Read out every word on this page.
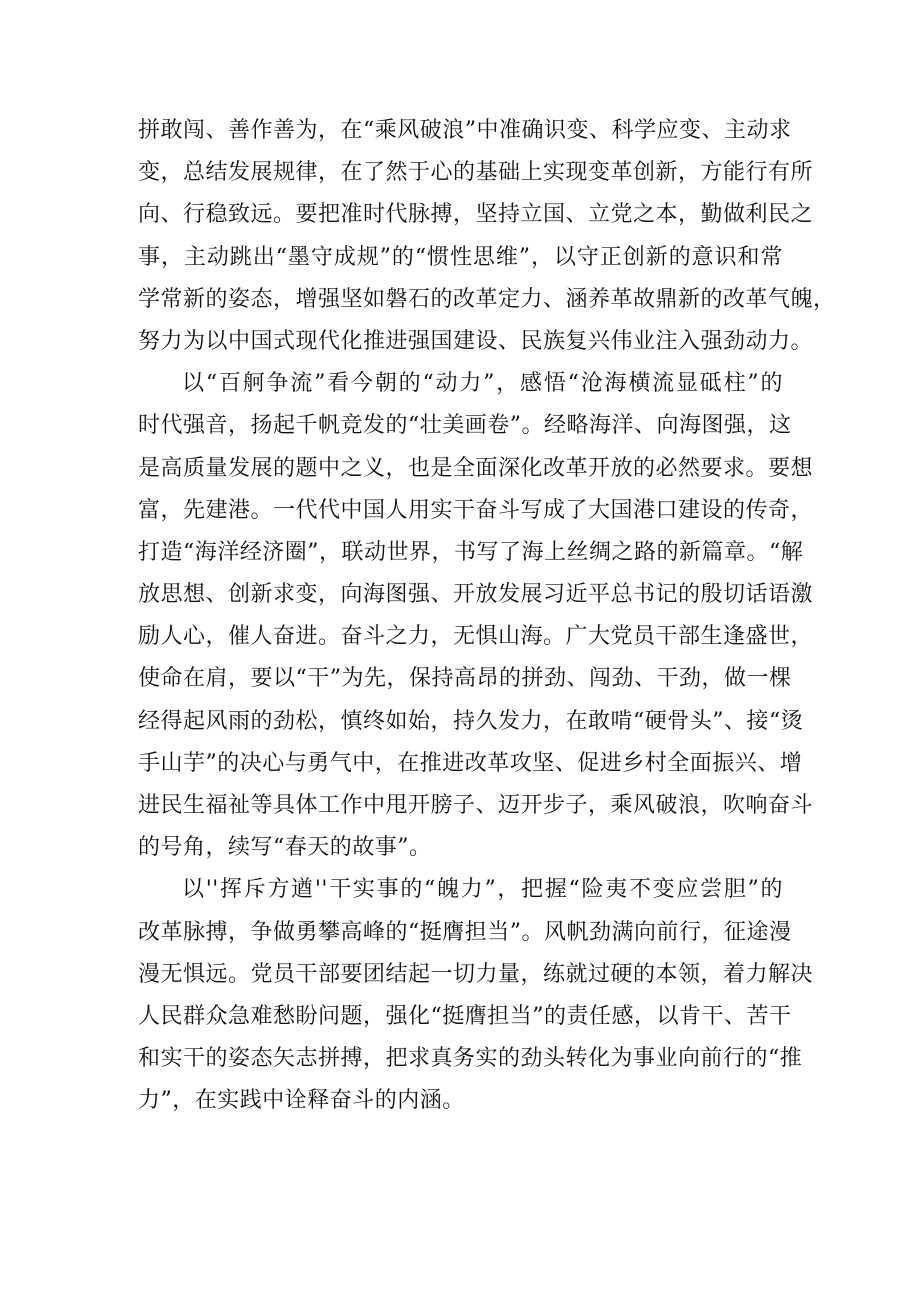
拼敢闯、善作善为，在“乘风破浪”中准确识变、科学应变、主动求
变，总结发展规律，在了然于心的基础上实现变革创新，方能行有所
向、行稳致远。要把准时代脉搏，坚持立国、立党之本，勤做利民之
事，主动跳出“墨守成规”的“惯性思维”，以守正创新的意识和常
学常新的姿态，增强坚如磐石的改革定力、涵养革故鼎新的改革气魄，
努力为以中国式现代化推进强国建设、民族复兴伟业注入强劲动力。
以“百舸争流”看今朝的“动力”，感悟“沧海横流显砥柱”的
时代强音，扬起千帆竞发的“壮美画卷”。经略海洋、向海图强，这
是高质量发展的题中之义，也是全面深化改革开放的必然要求。要想
富，先建港。一代代中国人用实干奋斗写成了大国港口建设的传奇，
打造“海洋经济圈”，联动世界，书写了海上丝绸之路的新篇章。“解
放思想、创新求变，向海图强、开放发展习近平总书记的殷切话语激
励人心，催人奋进。奋斗之力，无惧山海。广大党员干部生逢盛世，
使命在肩，要以“干”为先，保持高昂的拼劲、闯劲、干劲，做一棵
经得起风雨的劲松，慎终如始，持久发力，在敢啃“硬骨头”、接“烫
手山芋”的决心与勇气中，在推进改革攻坚、促进乡村全面振兴、增
进民生福祉等具体工作中甩开膀子、迈开步子，乘风破浪，吹响奋斗
的号角，续写“春天的故事”。
以''挥斥方遒''干实事的“魄力”，把握“险夷不变应尝胆”的
改革脉搏，争做勇攀高峰的“挺膺担当”。风帆劲满向前行，征途漫
漫无惧远。党员干部要团结起一切力量，练就过硬的本领，着力解决
人民群众急难愁盼问题，强化“挺膺担当”的责任感，以肯干、苦干
和实干的姿态矢志拼搏，把求真务实的劲头转化为事业向前行的“推
力”，在实践中诠释奋斗的内涵。
